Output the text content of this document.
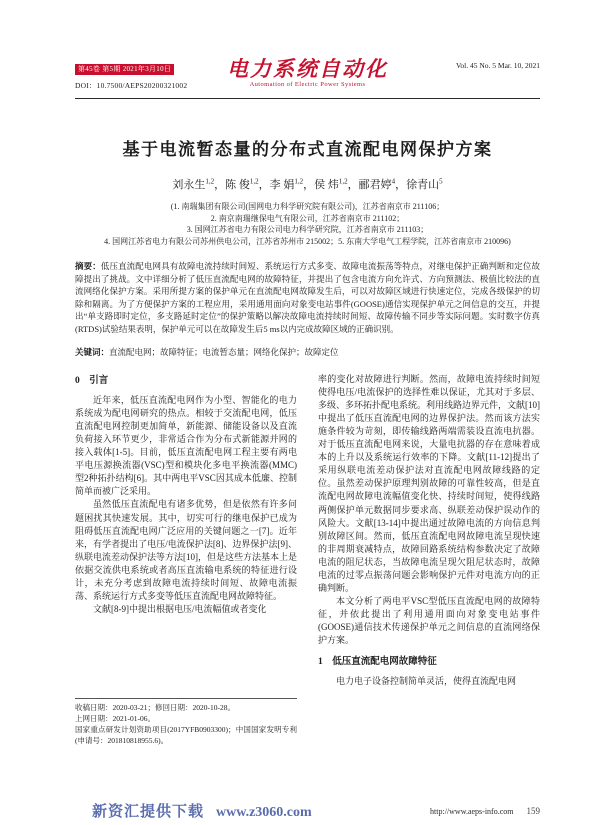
第45卷 第5期 2021年3月10日
DOI：10.7500/AEPS20200321002
电力系统自动化
Automation of Electric Power Systems
Vol. 45 No. 5 Mar. 10, 2021
基于电流暂态量的分布式直流配电网保护方案
刘永生$^{1,2}$，陈 俊$^{1,2}$，李 娟$^{1,2}$，侯 炜$^{1,2}$，郦君婷$^4$，徐青山$^5$
(1. 南瑞集团有限公司(国网电力科学研究院有限公司)，江苏省南京市 211106；
2. 南京南瑞继保电气有限公司，江苏省南京市 211102；
3. 国网江苏省电力有限公司电力科学研究院，江苏省南京市 211103；
4. 国网江苏省电力有限公司苏州供电公司，江苏省苏州市 215002；5. 东南大学电气工程学院，江苏省南京市 210096)
摘要：低压直流配电网具有故障电流持续时间短、系统运行方式多变、故障电流振荡等特点，对继电保护正确判断和定位故障提出了挑战。文中详细分析了低压直流配电网的故障特征，并提出了包含电流方向允许式、方向预测法、极值比较法的直流网络化保护方案。采用所提方案的保护单元在直流配电网故障发生后，可以对故障区域进行快速定位，完成各级保护的切除和隔离。为了方便保护方案的工程应用，采用通用面向对象变电站事件(GOOSE)通信实现保护单元之间信息的交互，并提出“单支路即时定位，多支路延时定位”的保护策略以解决故障电流持续时间短、故障传输不同步等实际问题。实时数字仿真(RTDS)试验结果表明，保护单元可以在故障发生后5 ms以内完成故障区域的正确识别。
关键词：直流配电网；故障特征；电流暂态量；网络化保护；故障定位
0　引言

近年来，低压直流配电网作为小型、智能化的电力系统成为配电网研究的热点。相较于交流配电网，低压直流配电网控制更加简单，新能源、储能设备以及直流负荷接入环节更少，非常适合作为分布式新能源并网的接入载体[1-5]。目前，低压直流配电网工程主要有两电平电压源换流器(VSC)型和模块化多电平换流器(MMC)型2种拓扑结构[6]。其中两电平VSC因其成本低廉、控制简单而被广泛采用。

虽然低压直流配电有诸多优势，但是依然有许多问题困扰其快速发展。其中，切实可行的继电保护已成为阻碍低压直流配电网广泛应用的关键问题之一[7]。近年来，有学者提出了电压/电流保护法[8]、边界保护法[9]、纵联电流差动保护法等方法[10]，但是这些方法基本上是依据交流供电系统或者高压直流输电系统的特征进行设计，未充分考虑到故障电流持续时间短、故障电流振荡、系统运行方式多变等低压直流配电网故障特征。

文献[8-9]中提出根据电压/电流幅值或者变化

收稿日期：2020-03-21；修回日期：2020-10-28。
上网日期：2021-01-06。
国家重点研发计划资助项目(2017YFB0903300)；中国国家发明专利(申请号：201810818955.6)。

率的变化对故障进行判断。然而，故障电流持续时间短使得电压/电流保护的选择性难以保证，尤其对于多层、多级、多环拓扑配电系统。利用线路边界元件，文献[10]中提出了低压直流配电网的边界保护法。然而该方法实施条件较为苛刻，即传输线路两端需装设直流电抗器。对于低压直流配电网来说，大量电抗器的存在意味着成本的上升以及系统运行效率的下降。文献[11-12]提出了采用纵联电流差动保护法对直流配电网故障线路的定位。虽然差动保护原理判别故障的可靠性较高，但是直流配电网故障电流幅值变化快、持续时间短，使得线路两侧保护单元数据同步要求高、纵联差动保护误动作的风险大。文献[13-14]中提出通过故障电流的方向信息判别故障区间。然而，低压直流配电网故障电流呈现快速的非周期衰减特点，故障回路系统结构参数决定了故障电流的阻尼状态，当故障电流呈现欠阻尼状态时，故障电流的过零点振荡问题会影响保护元件对电流方向的正确判断。

本文分析了两电平VSC型低压直流配电网的故障特征，并依此提出了利用通用面向对象变电站事件(GOOSE)通信技术传递保护单元之间信息的直流网络保护方案。

1　低压直流配电网故障特征

电力电子设备控制简单灵活，使得直流配电网

新资汇提供下载 www.z3060.com	http://www.aeps-info.com 159
